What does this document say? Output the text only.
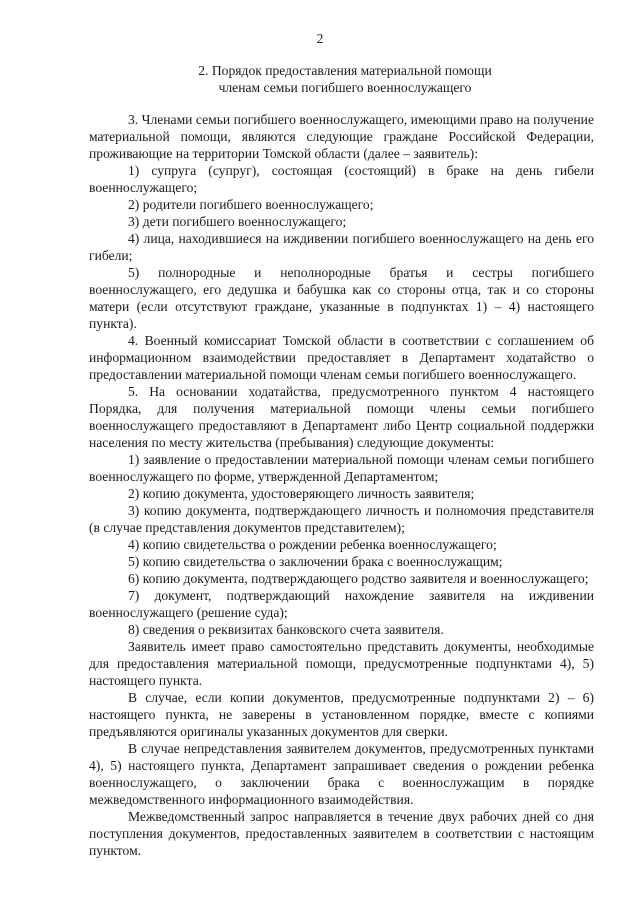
2
2. Порядок предоставления материальной помощи
членам семьи погибшего военнослужащего

3. Членами семьи погибшего военнослужащего, имеющими право на получение материальной помощи, являются следующие граждане Российской Федерации, проживающие на территории Томской области (далее – заявитель):

1) супруга (супруг), состоящая (состоящий) в браке на день гибели военнослужащего;

2) родители погибшего военнослужащего;

3) дети погибшего военнослужащего;

4) лица, находившиеся на иждивении погибшего военнослужащего на день его гибели;

5) полнородные и неполнородные братья и сестры погибшего военнослужащего, его дедушка и бабушка как со стороны отца, так и со стороны матери (если отсутствуют граждане, указанные в подпунктах 1) – 4) настоящего пункта).

4. Военный комиссариат Томской области в соответствии с соглашением об информационном взаимодействии предоставляет в Департамент ходатайство о предоставлении материальной помощи членам семьи погибшего военнослужащего.

5. На основании ходатайства, предусмотренного пунктом 4 настоящего Порядка, для получения материальной помощи члены семьи погибшего военнослужащего предоставляют в Департамент либо Центр социальной поддержки населения по месту жительства (пребывания) следующие документы:

1) заявление о предоставлении материальной помощи членам семьи погибшего военнослужащего по форме, утвержденной Департаментом;

2) копию документа, удостоверяющего личность заявителя;

3) копию документа, подтверждающего личность и полномочия представителя (в случае представления документов представителем);

4) копию свидетельства о рождении ребенка военнослужащего;

5) копию свидетельства о заключении брака с военнослужащим;

6) копию документа, подтверждающего родство заявителя и военнослужащего;

7) документ, подтверждающий нахождение заявителя на иждивении военнослужащего (решение суда);

8) сведения о реквизитах банковского счета заявителя.

Заявитель имеет право самостоятельно представить документы, необходимые для предоставления материальной помощи, предусмотренные подпунктами 4), 5) настоящего пункта.

В случае, если копии документов, предусмотренные подпунктами 2) – 6) настоящего пункта, не заверены в установленном порядке, вместе с копиями предъявляются оригиналы указанных документов для сверки.

В случае непредставления заявителем документов, предусмотренных пунктами 4), 5) настоящего пункта, Департамент запрашивает сведения о рождении ребенка военнослужащего, о заключении брака с военнослужащим в порядке межведомственного информационного взаимодействия.

Межведомственный запрос направляется в течение двух рабочих дней со дня поступления документов, предоставленных заявителем в соответствии с настоящим пунктом.
